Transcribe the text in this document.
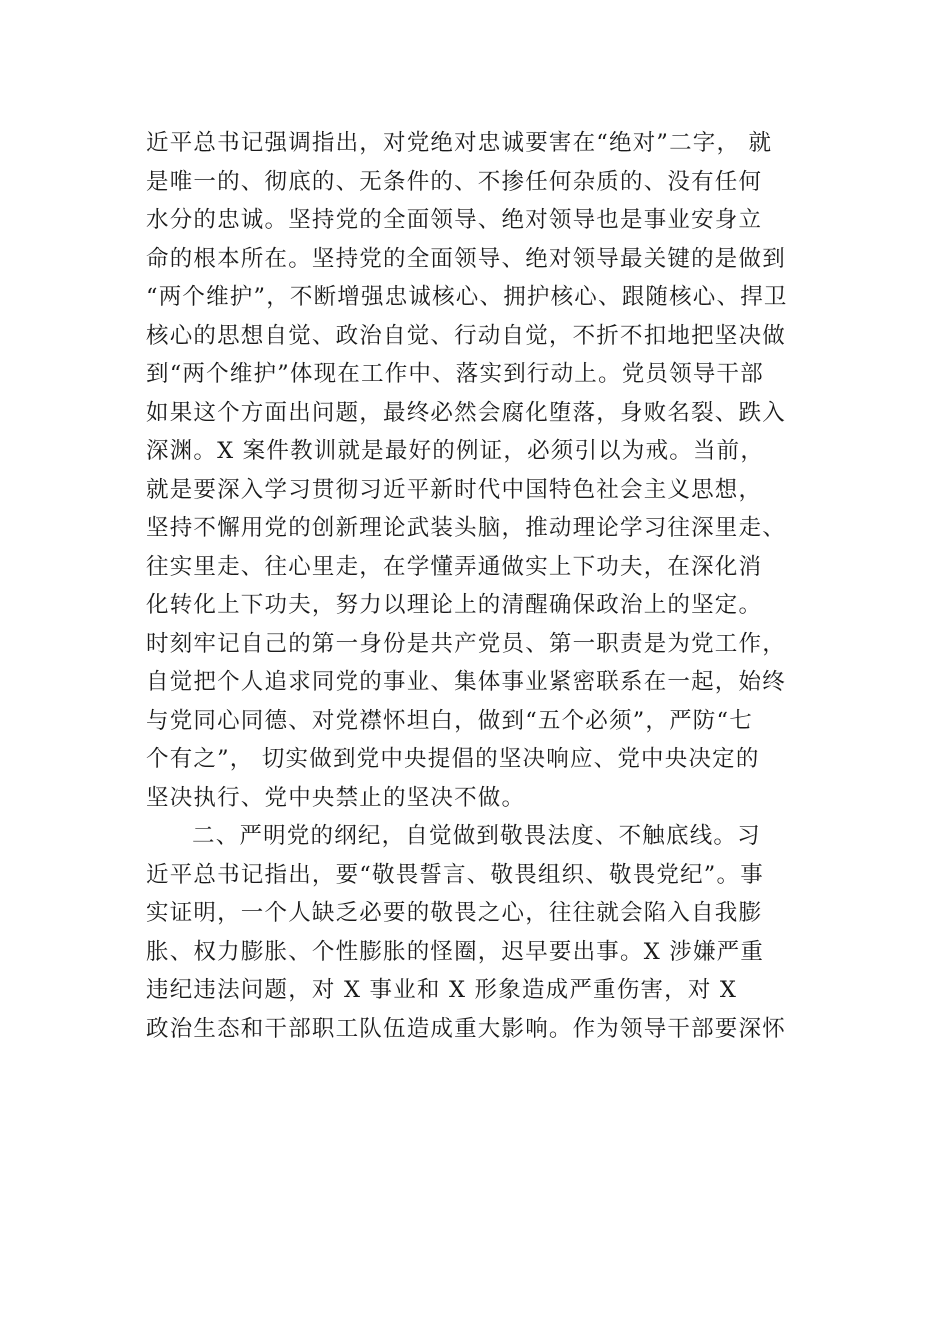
近平总书记强调指出，对党绝对忠诚要害在“绝对”二字， 就
是唯一的、彻底的、无条件的、不掺任何杂质的、没有任何
水分的忠诚。坚持党的全面领导、绝对领导也是事业安身立
命的根本所在。坚持党的全面领导、绝对领导最关键的是做到
“两个维护”，不断增强忠诚核心、拥护核心、跟随核心、捍卫
核心的思想自觉、政治自觉、行动自觉，不折不扣地把坚决做
到“两个维护”体现在工作中、落实到行动上。党员领导干部
如果这个方面出问题，最终必然会腐化堕落，身败名裂、跌入
深渊。X 案件教训就是最好的例证，必须引以为戒。当前，
就是要深入学习贯彻习近平新时代中国特色社会主义思想，
坚持不懈用党的创新理论武装头脑，推动理论学习往深里走、
往实里走、往心里走，在学懂弄通做实上下功夫，在深化消
化转化上下功夫，努力以理论上的清醒确保政治上的坚定。
时刻牢记自己的第一身份是共产党员、第一职责是为党工作，
自觉把个人追求同党的事业、集体事业紧密联系在一起，始终
与党同心同德、对党襟怀坦白，做到“五个必须”，严防“七
个有之”， 切实做到党中央提倡的坚决响应、党中央决定的
坚决执行、党中央禁止的坚决不做。
二、严明党的纲纪，自觉做到敬畏法度、不触底线。习
近平总书记指出，要“敬畏誓言、敬畏组织、敬畏党纪”。事
实证明，一个人缺乏必要的敬畏之心，往往就会陷入自我膨
胀、权力膨胀、个性膨胀的怪圈，迟早要出事。X 涉嫌严重
违纪违法问题，对 X 事业和 X 形象造成严重伤害，对 X
政治生态和干部职工队伍造成重大影响。作为领导干部要深怀
